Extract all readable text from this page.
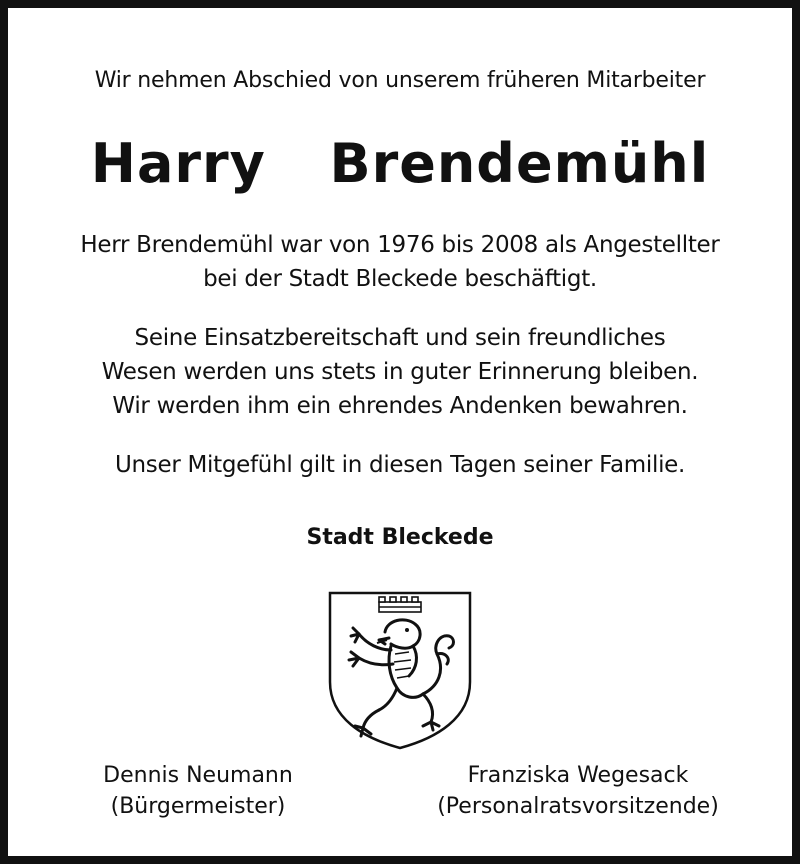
Wir nehmen Abschied von unserem früheren Mitarbeiter
Harry  Brendemühl
Herr Brendemühl war von 1976 bis 2008 als Angestellter
bei der Stadt Bleckede beschäftigt.
Seine Einsatzbereitschaft und sein freundliches
Wesen werden uns stets in guter Erinnerung bleiben.
Wir werden ihm ein ehrendes Andenken bewahren.
Unser Mitgefühl gilt in diesen Tagen seiner Familie.
Stadt Bleckede
Dennis Neumann
(Bürgermeister)
Franziska Wegesack
(Personalratsvorsitzende)
